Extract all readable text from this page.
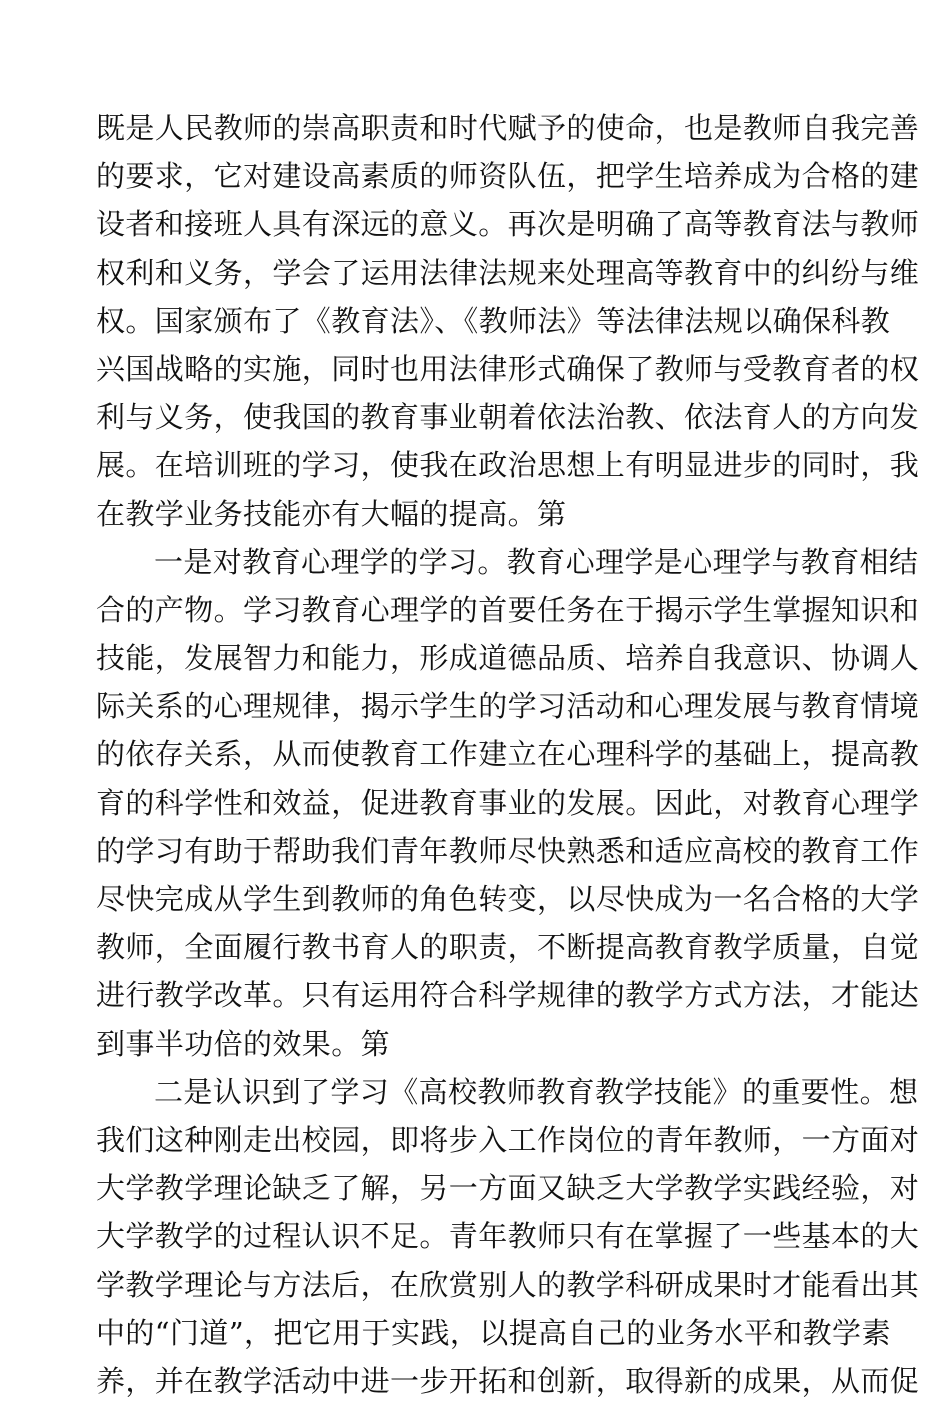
既是人民教师的崇高职责和时代赋予的使命，也是教师自我完善
的要求，它对建设高素质的师资队伍，把学生培养成为合格的建
设者和接班人具有深远的意义。再次是明确了高等教育法与教师
权利和义务，学会了运用法律法规来处理高等教育中的纠纷与维
权。国家颁布了《教育法》、《教师法》等法律法规以确保科教
兴国战略的实施，同时也用法律形式确保了教师与受教育者的权
利与义务，使我国的教育事业朝着依法治教、依法育人的方向发
展。在培训班的学习，使我在政治思想上有明显进步的同时，我
在教学业务技能亦有大幅的提高。第
一是对教育心理学的学习。教育心理学是心理学与教育相结
合的产物。学习教育心理学的首要任务在于揭示学生掌握知识和
技能，发展智力和能力，形成道德品质、培养自我意识、协调人
际关系的心理规律，揭示学生的学习活动和心理发展与教育情境
的依存关系，从而使教育工作建立在心理科学的基础上，提高教
育的科学性和效益，促进教育事业的发展。因此，对教育心理学
的学习有助于帮助我们青年教师尽快熟悉和适应高校的教育工作
尽快完成从学生到教师的角色转变，以尽快成为一名合格的大学
教师，全面履行教书育人的职责，不断提高教育教学质量，自觉
进行教学改革。只有运用符合科学规律的教学方式方法，才能达
到事半功倍的效果。第
二是认识到了学习《高校教师教育教学技能》的重要性。想
我们这种刚走出校园，即将步入工作岗位的青年教师，一方面对
大学教学理论缺乏了解，另一方面又缺乏大学教学实践经验，对
大学教学的过程认识不足。青年教师只有在掌握了一些基本的大
学教学理论与方法后，在欣赏别人的教学科研成果时才能看出其
中的“门道”，把它用于实践，以提高自己的业务水平和教学素
养，并在教学活动中进一步开拓和创新，取得新的成果，从而促
